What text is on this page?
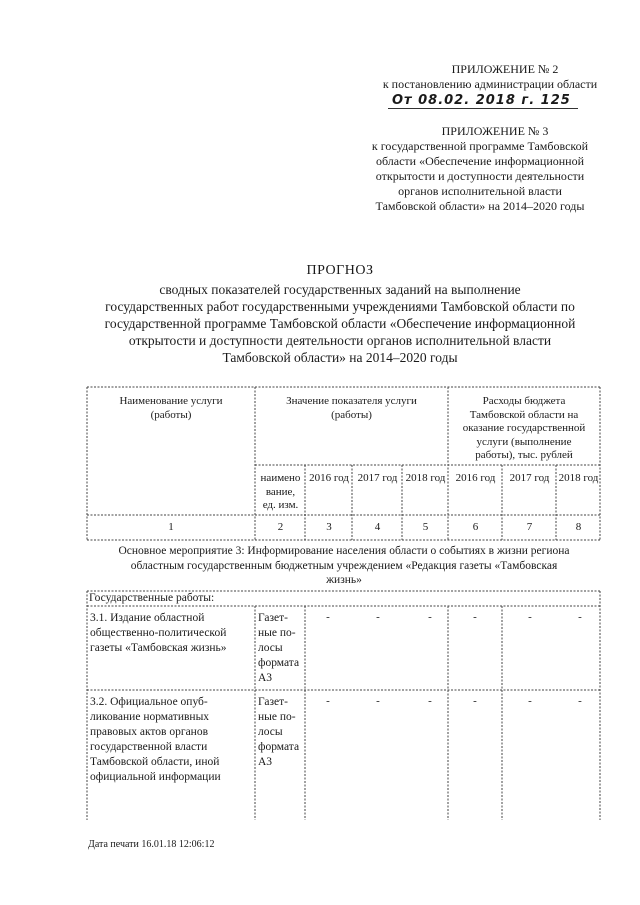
ПРИЛОЖЕНИЕ № 2
к постановлению администрации области
От 08.02. 2018 г. 125
ПРИЛОЖЕНИЕ № 3
к государственной программе Тамбовской
области «Обеспечение информационной
открытости и доступности деятельности
органов исполнительной власти
Тамбовской области» на 2014–2020 годы
ПРОГНОЗ
сводных показателей государственных заданий на выполнение
государственных работ государственными учреждениями Тамбовской области по
государственной программе Тамбовской области «Обеспечение информационной
открытости и доступности деятельности органов исполнительной власти
Тамбовской области» на 2014–2020 годы
Наименование услуги
(работы)
Значение показателя услуги
(работы)
Расходы бюджета
Тамбовской области на
оказание государственной
услуги (выполнение
работы), тыс. рублей
наимено
вание,
ед. изм.
2016 год 2017 год 2018 год 2016 год	2017 год 2018 год
1	2	3	4	5	6	7	8
Основное мероприятие 3: Информирование населения области о событиях в жизни региона
областным государственным бюджетным учреждением «Редакция газеты «Тамбовская
жизнь»
Государственные работы:
3.1. Издание областной
общественно-политической
газеты «Тамбовская жизнь»
Газет-
ные по-
лосы
формата
А3
-	-	-	-	-	-
3.2. Официальное опуб-
ликование нормативных
правовых актов органов
государственной власти
Тамбовской области, иной
официальной информации
Газет-
ные по-
лосы
формата
А3
-	-	-	-	-	-
Дата печати 16.01.18 12:06:12
